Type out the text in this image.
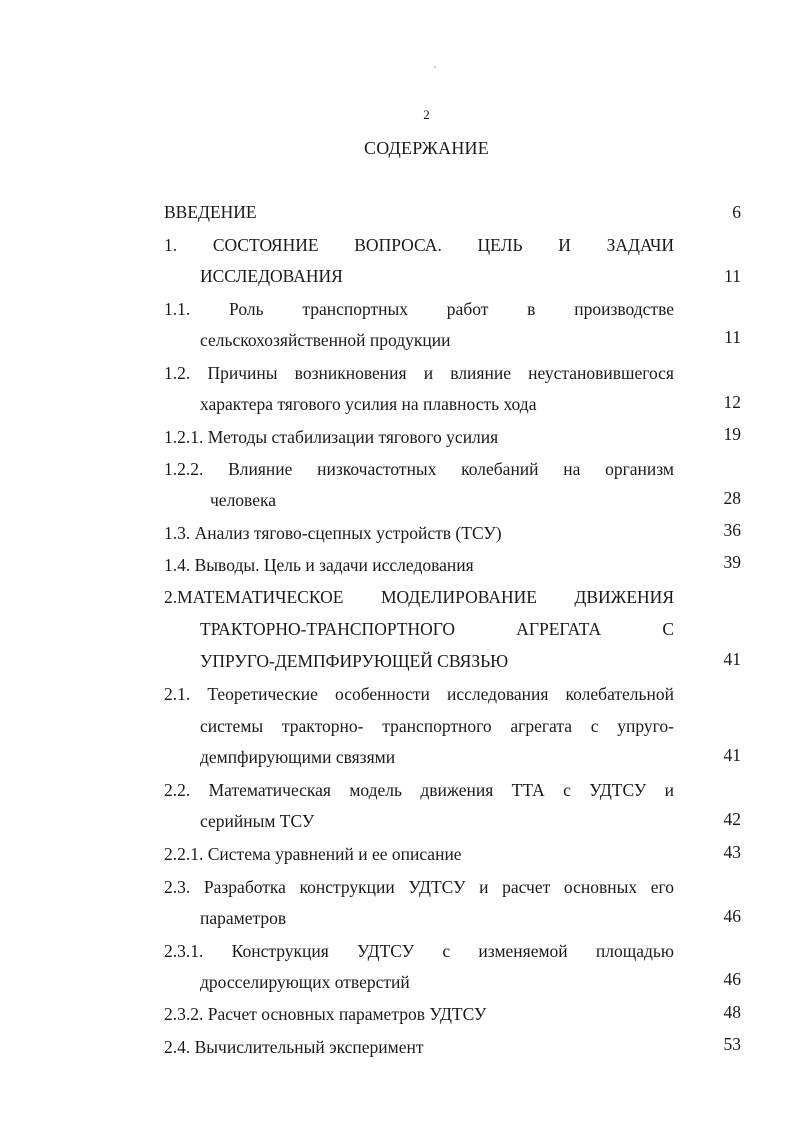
2
СОДЕРЖАНИЕ
ВВЕДЕНИЕ	6
1. СОСТОЯНИЕ ВОПРОСА. ЦЕЛЬ И ЗАДАЧИ
ИССЛЕДОВАНИЯ	11
1.1. Роль транспортных работ в производстве
сельскохозяйственной продукции	11
1.2. Причины возникновения и влияние неустановившегося
характера тягового усилия на плавность хода	12
1.2.1. Методы стабилизации тягового усилия	19
1.2.2. Влияние низкочастотных колебаний на организм
человека	28
1.3. Анализ тягово-сцепных устройств (ТСУ)	36
1.4. Выводы. Цель и задачи исследования	39
2.МАТЕМАТИЧЕСКОЕ МОДЕЛИРОВАНИЕ ДВИЖЕНИЯ
ТРАКТОРНО-ТРАНСПОРТНОГО АГРЕГАТА С
УПРУГО-ДЕМПФИРУЮЩЕЙ СВЯЗЬЮ	41
2.1. Теоретические особенности исследования колебательной
системы тракторно- транспортного агрегата с упруго-
демпфирующими связями	41
2.2. Математическая модель движения ТТА с УДТСУ и
серийным ТСУ	42
2.2.1. Система уравнений и ее описание	43
2.3. Разработка конструкции УДТСУ и расчет основных его
параметров	46
2.3.1. Конструкция УДТСУ с изменяемой площадью
дросселирующих отверстий	46
2.3.2. Расчет основных параметров УДТСУ	48
2.4. Вычислительный эксперимент	53
